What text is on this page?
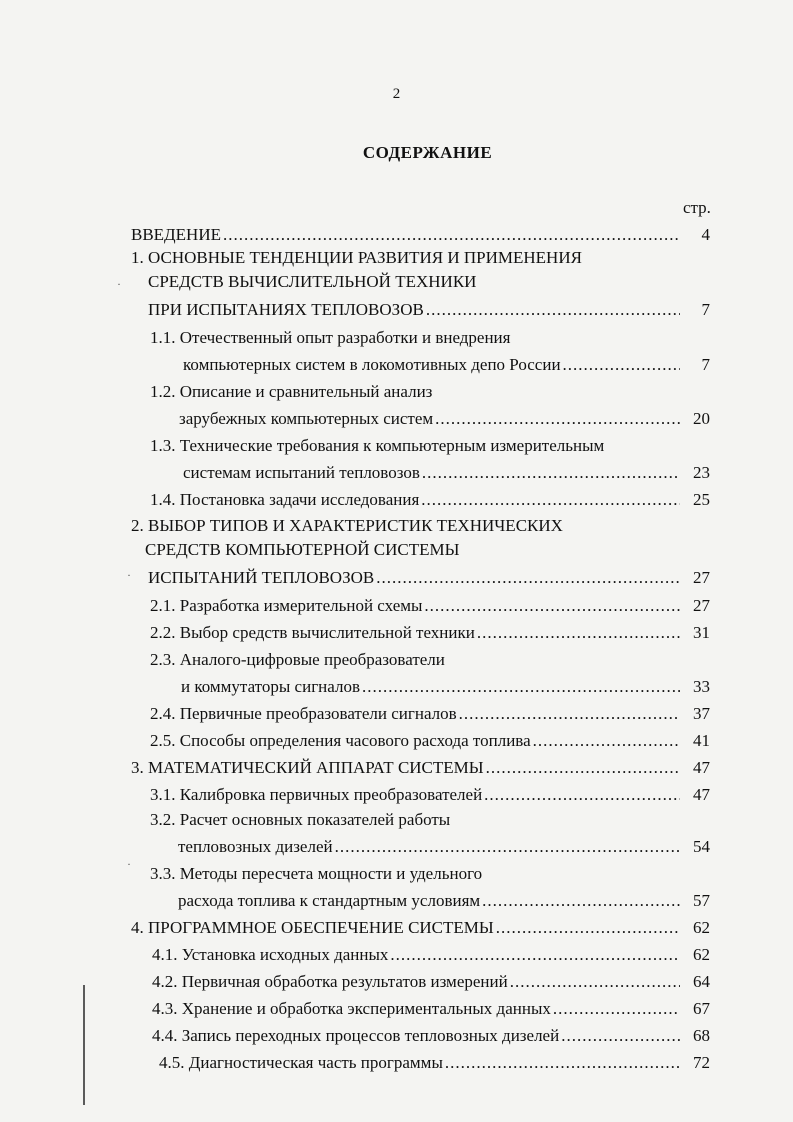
2
СОДЕРЖАНИЕ
стр.
ВВЕДЕНИЕ .....	4
1. ОСНОВНЫЕ ТЕНДЕНЦИИ РАЗВИТИЯ И ПРИМЕНЕНИЯ
СРЕДСТВ ВЫЧИСЛИТЕЛЬНОЙ ТЕХНИКИ
ПРИ ИСПЫТАНИЯХ ТЕПЛОВОЗОВ .....	7
1.1. Отечественный опыт разработки и внедрения
компьютерных систем в локомотивных депо России .....	7
1.2. Описание и сравнительный анализ
зарубежных компьютерных систем .....	20
1.3. Технические требования к компьютерным измерительным
системам испытаний тепловозов .....	23
1.4. Постановка задачи исследования .....	25
2. ВЫБОР ТИПОВ И ХАРАКТЕРИСТИК ТЕХНИЧЕСКИХ
СРЕДСТВ КОМПЬЮТЕРНОЙ СИСТЕМЫ
ИСПЫТАНИЙ ТЕПЛОВОЗОВ .....	27
2.1. Разработка измерительной схемы .....	27
2.2. Выбор средств вычислительной техники .....	31
2.3. Аналого-цифровые преобразователи
и коммутаторы сигналов .....	33
2.4. Первичные преобразователи сигналов .....	37
2.5. Способы определения часового расхода топлива .....	41
3. МАТЕМАТИЧЕСКИЙ АППАРАТ СИСТЕМЫ .....	47
3.1. Калибровка первичных преобразователей .....	47
3.2. Расчет основных показателей работы
тепловозных дизелей .....	54
3.3. Методы пересчета мощности и удельного
расхода топлива к стандартным условиям .....	57
4. ПРОГРАММНОЕ ОБЕСПЕЧЕНИЕ СИСТЕМЫ .....	62
4.1. Установка исходных данных .....	62
4.2. Первичная обработка результатов измерений .....	64
4.3. Хранение и обработка экспериментальных данных .....	67
4.4. Запись переходных процессов тепловозных дизелей .....	68
4.5. Диагностическая часть программы .....	72
·
·
·
